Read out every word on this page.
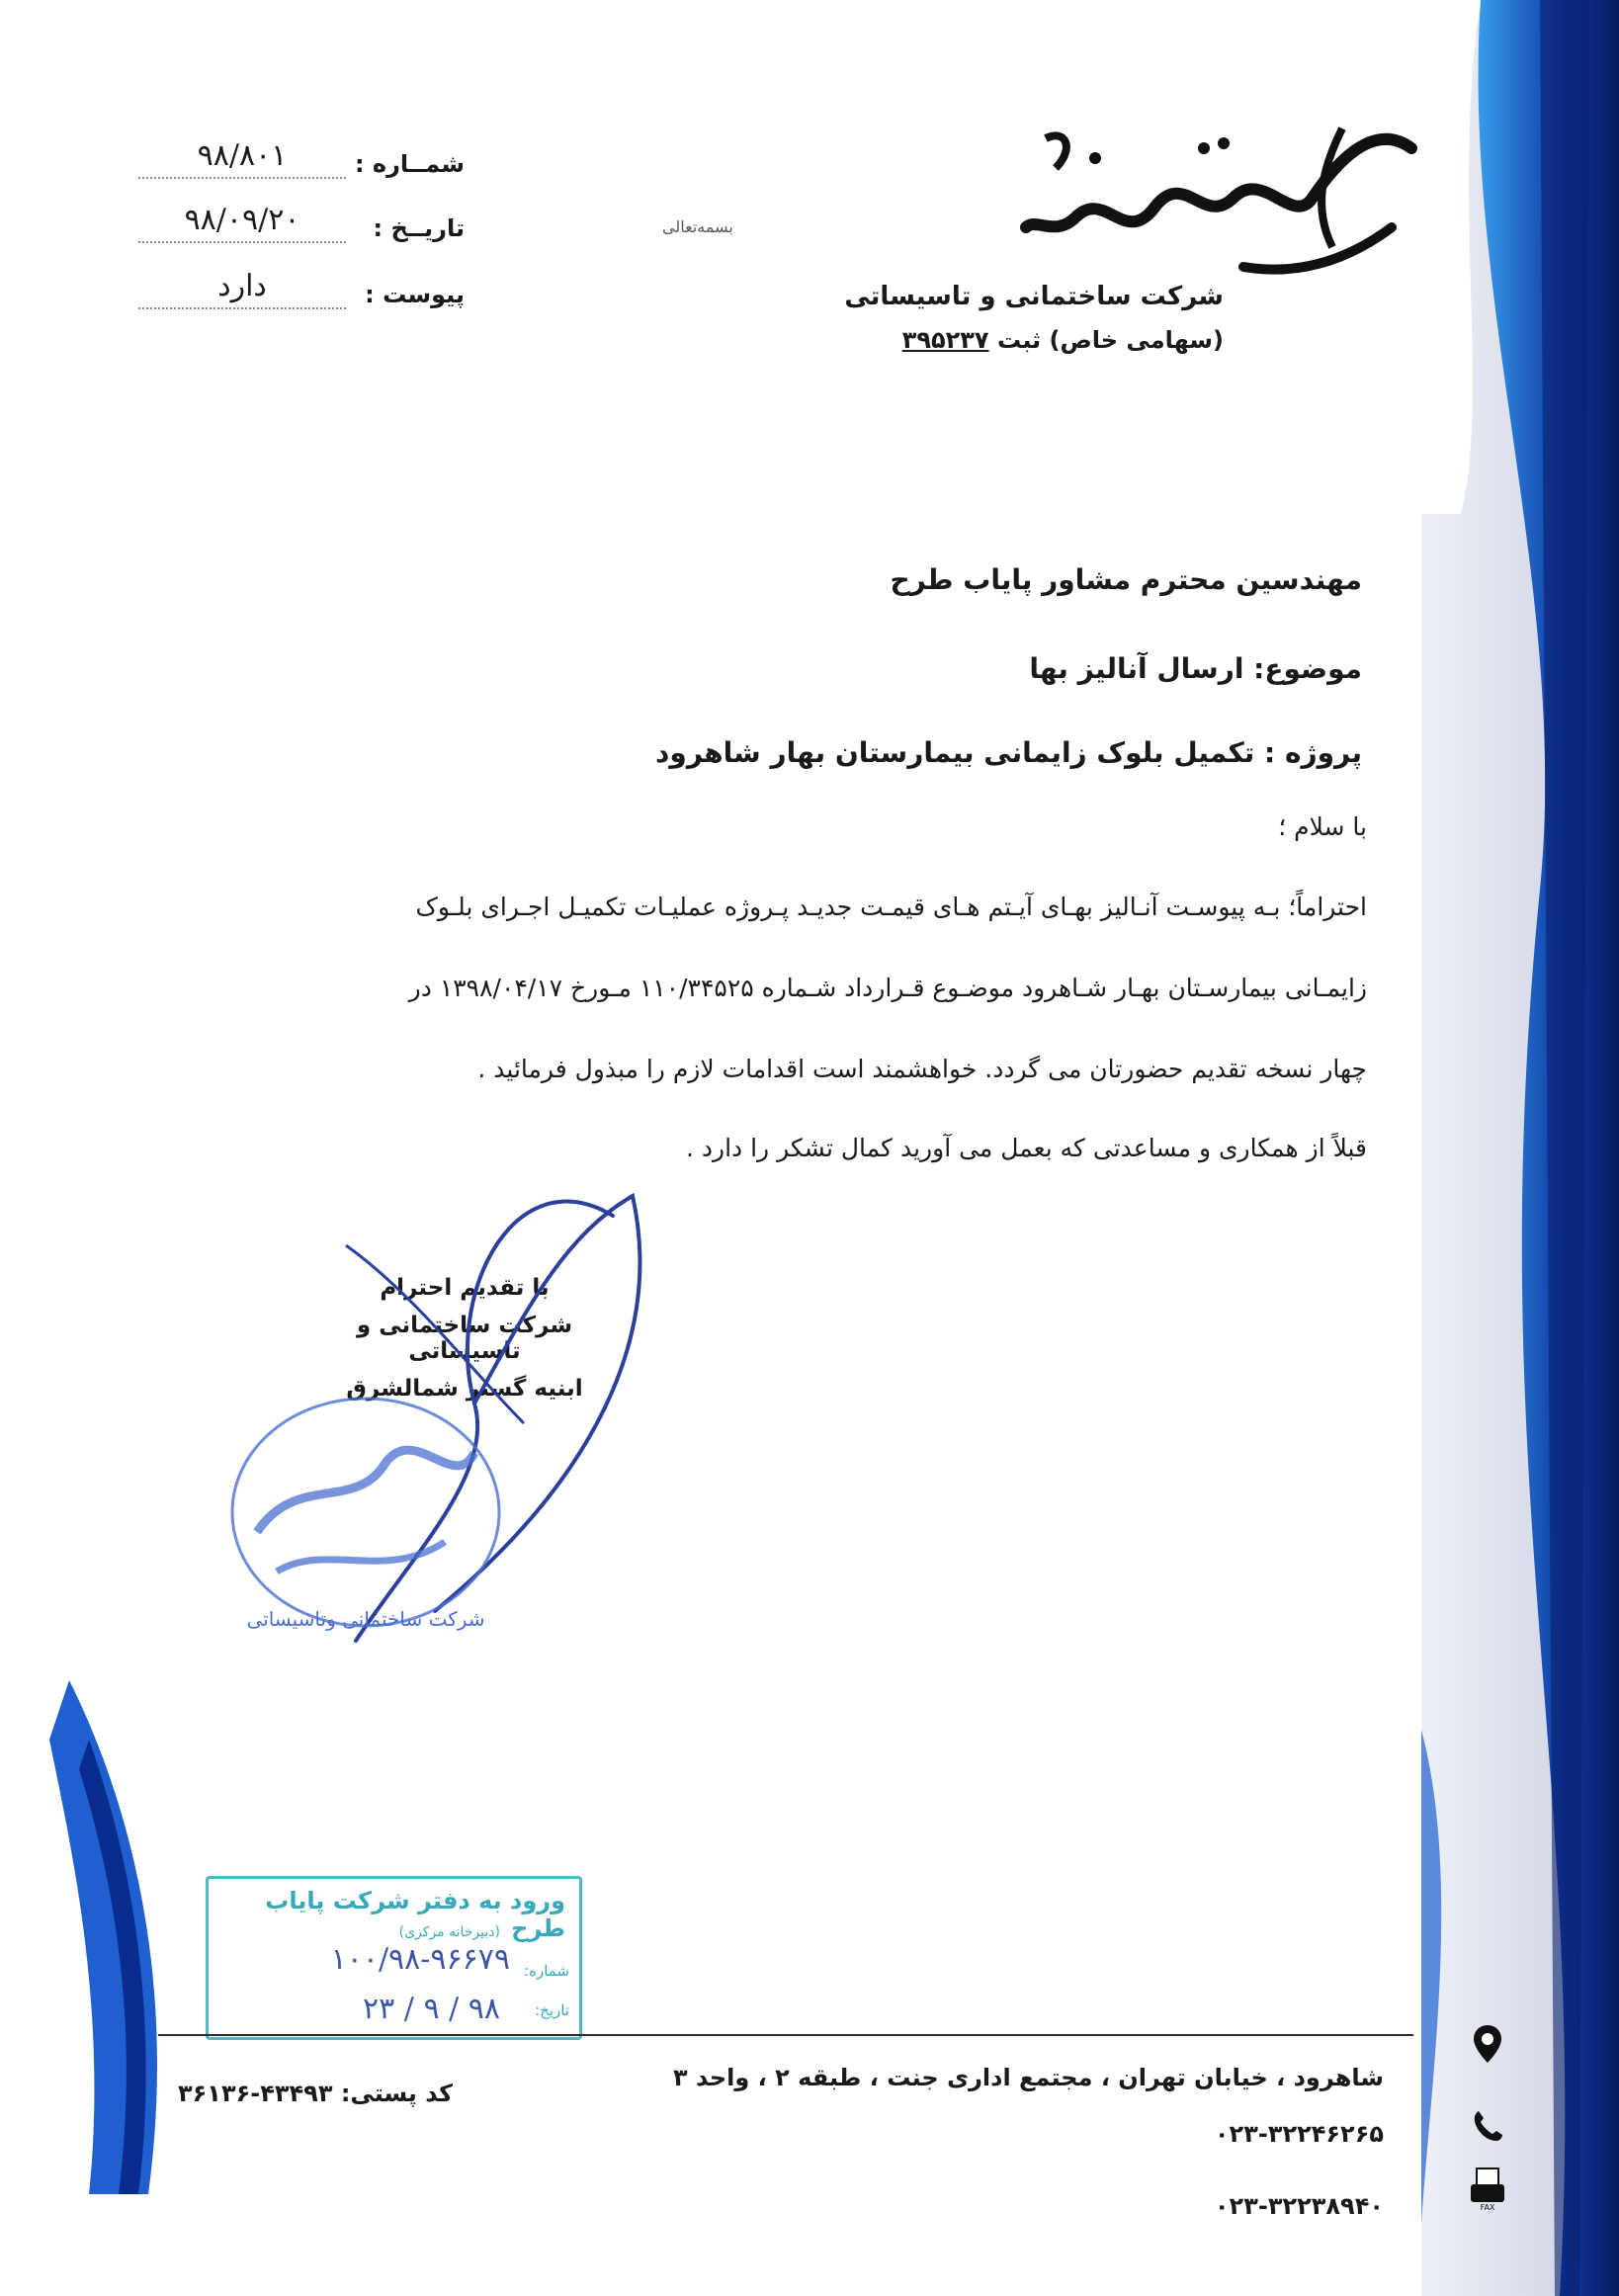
شرکت ساختمانی و تاسیساتی
(سهامی خاص) ثبت ۳۹۵۲۳۷
بسمه‌تعالی
شمــاره :
۹۸/۸۰۱
تاریــخ :
۹۸/۰۹/۲۰
پیوست :
دارد
مهندسین محترم مشاور پایاب طرح
موضوع: ارسال آنالیز بها
پروژه : تکمیل بلوک زایمانی بیمارستان بهار شاهرود
با سلام ؛
احتراماً؛ بـه پیوسـت آنـالیز بهـای آیـتم هـای قیمـت جدیـد پـروژه عملیـات تکمیـل اجـرای بلـوک
زایمـانی بیمارسـتان بهـار شـاهرود موضـوع قـرارداد شـماره ۱۱۰/۳۴۵۲۵ مـورخ ۱۳۹۸/۰۴/۱۷ در
چهار نسخه تقدیم حضورتان می گردد. خواهشمند است اقدامات لازم را مبذول فرمائید .
قبلاً از همکاری و مساعدتی که بعمل می آورید کمال تشکر را دارد .
با تقدیم احترام
شرکت ساختمانی و تاسیساتی
ابنیه گستر شمالشرق
شرکت ساختمانی وتاسیساتی
ورود به دفتر شرکت پایاب طرح
(دبیرخانه مرکزی)
شماره:
۱۰۰/۹۸-۹۶۶۷۹
تاریخ:
۹۸ / ۹ / ۲۳
شاهرود ، خیابان تهران ، مجتمع اداری جنت ، طبقه ۲ ، واحد ۳
۰۲۳-۳۲۲۴۶۲۶۵
۰۲۳-۳۲۲۳۸۹۴۰
کد پستی: ۴۳۴۹۳-۳۶۱۳۶
FAX
